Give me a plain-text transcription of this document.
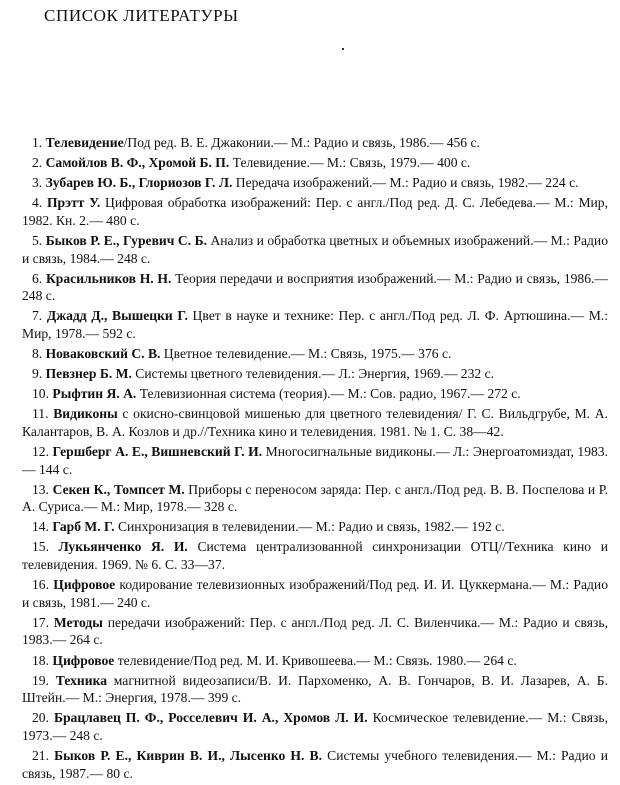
СПИСОК ЛИТЕРАТУРЫ
1. Телевидение/Под ред. В. Е. Джаконии.— М.: Радио и связь, 1986.— 456 с.
2. Самойлов В. Ф., Хромой Б. П. Телевидение.— М.: Связь, 1979.— 400 с.
3. Зубарев Ю. Б., Глориозов Г. Л. Передача изображений.— М.: Радио и связь, 1982.— 224 с.
4. Прэтт У. Цифровая обработка изображений: Пер. с англ./Под ред. Д. С. Лебедева.— М.: Мир, 1982. Кн. 2.— 480 с.
5. Быков Р. Е., Гуревич С. Б. Анализ и обработка цветных и объемных изображений.— М.: Радио и связь, 1984.— 248 с.
6. Красильников Н. Н. Теория передачи и восприятия изображений.— М.: Радио и связь, 1986.— 248 с.
7. Джадд Д., Вышецки Г. Цвет в науке и технике: Пер. с англ./Под ред. Л. Ф. Артюшина.— М.: Мир, 1978.— 592 с.
8. Новаковский С. В. Цветное телевидение.— М.: Связь, 1975.— 376 с.
9. Певзнер Б. М. Системы цветного телевидения.— Л.: Энергия, 1969.— 232 с.
10. Рыфтин Я. А. Телевизионная система (теория).— М.: Сов. радио, 1967.— 272 с.
11. Видиконы с окисно-свинцовой мишенью для цветного телевидения/ Г. С. Вильдгрубе, М. А. Калантаров, В. А. Козлов и др.//Техника кино и телевидения. 1981. № 1. С. 38—42.
12. Гершберг А. Е., Вишневский Г. И. Многосигнальные видиконы.— Л.: Энергоатомиздат, 1983.— 144 с.
13. Секен К., Томпсет М. Приборы с переносом заряда: Пер. с англ./Под ред. В. В. Поспелова и Р. А. Суриса.— М.: Мир, 1978.— 328 с.
14. Гарб М. Г. Синхронизация в телевидении.— М.: Радио и связь, 1982.— 192 с.
15. Лукьянченко Я. И. Система централизованной синхронизации ОТЦ//Техника кино и телевидения. 1969. № 6. С. 33—37.
16. Цифровое кодирование телевизионных изображений/Под ред. И. И. Цуккермана.— М.: Радио и связь, 1981.— 240 с.
17. Методы передачи изображений: Пер. с англ./Под ред. Л. С. Виленчика.— М.: Радио и связь, 1983.— 264 с.
18. Цифровое телевидение/Под ред. М. И. Кривошеева.— М.: Связь. 1980.— 264 с.
19. Техника магнитной видеозаписи/В. И. Пархоменко, А. В. Гончаров, В. И. Лазарев, А. Б. Штейн.— М.: Энергия, 1978.— 399 с.
20. Брацлавец П. Ф., Росселевич И. А., Хромов Л. И. Космическое телевидение.— М.: Связь, 1973.— 248 с.
21. Быков Р. Е., Киврин В. И., Лысенко Н. В. Системы учебного телевидения.— М.: Радио и связь, 1987.— 80 с.
